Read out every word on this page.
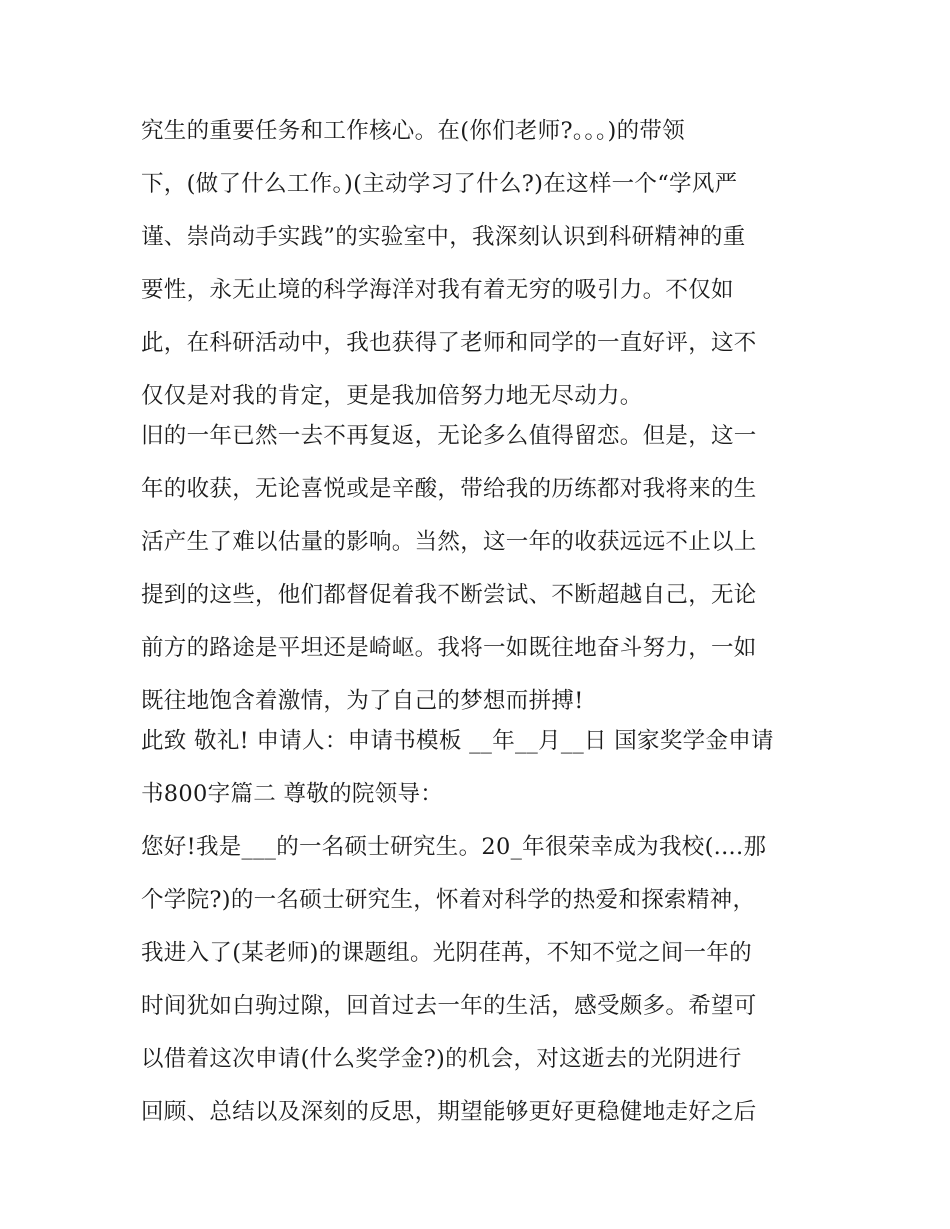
究生的重要任务和工作核心。在(你们老师?。。。)的带领
下，(做了什么工作。)(主动学习了什么?)在这样一个“学风严
谨、崇尚动手实践”的实验室中，我深刻认识到科研精神的重
要性，永无止境的科学海洋对我有着无穷的吸引力。不仅如
此，在科研活动中，我也获得了老师和同学的一直好评，这不
仅仅是对我的肯定，更是我加倍努力地无尽动力。
旧的一年已然一去不再复返，无论多么值得留恋。但是，这一
年的收获，无论喜悦或是辛酸，带给我的历练都对我将来的生
活产生了难以估量的影响。当然，这一年的收获远远不止以上
提到的这些，他们都督促着我不断尝试、不断超越自己，无论
前方的路途是平坦还是崎岖。我将一如既往地奋斗努力，一如
既往地饱含着激情，为了自己的梦想而拼搏!
此致 敬礼! 申请人：申请书模板 __年__月__日 国家奖学金申请
书800字篇二 尊敬的院领导：
您好!我是___的一名硕士研究生。20_年很荣幸成为我校(....那
个学院?)的一名硕士研究生，怀着对科学的热爱和探索精神，
我进入了(某老师)的课题组。光阴荏苒，不知不觉之间一年的
时间犹如白驹过隙，回首过去一年的生活，感受颇多。希望可
以借着这次申请(什么奖学金?)的机会，对这逝去的光阴进行
回顾、总结以及深刻的反思，期望能够更好更稳健地走好之后
